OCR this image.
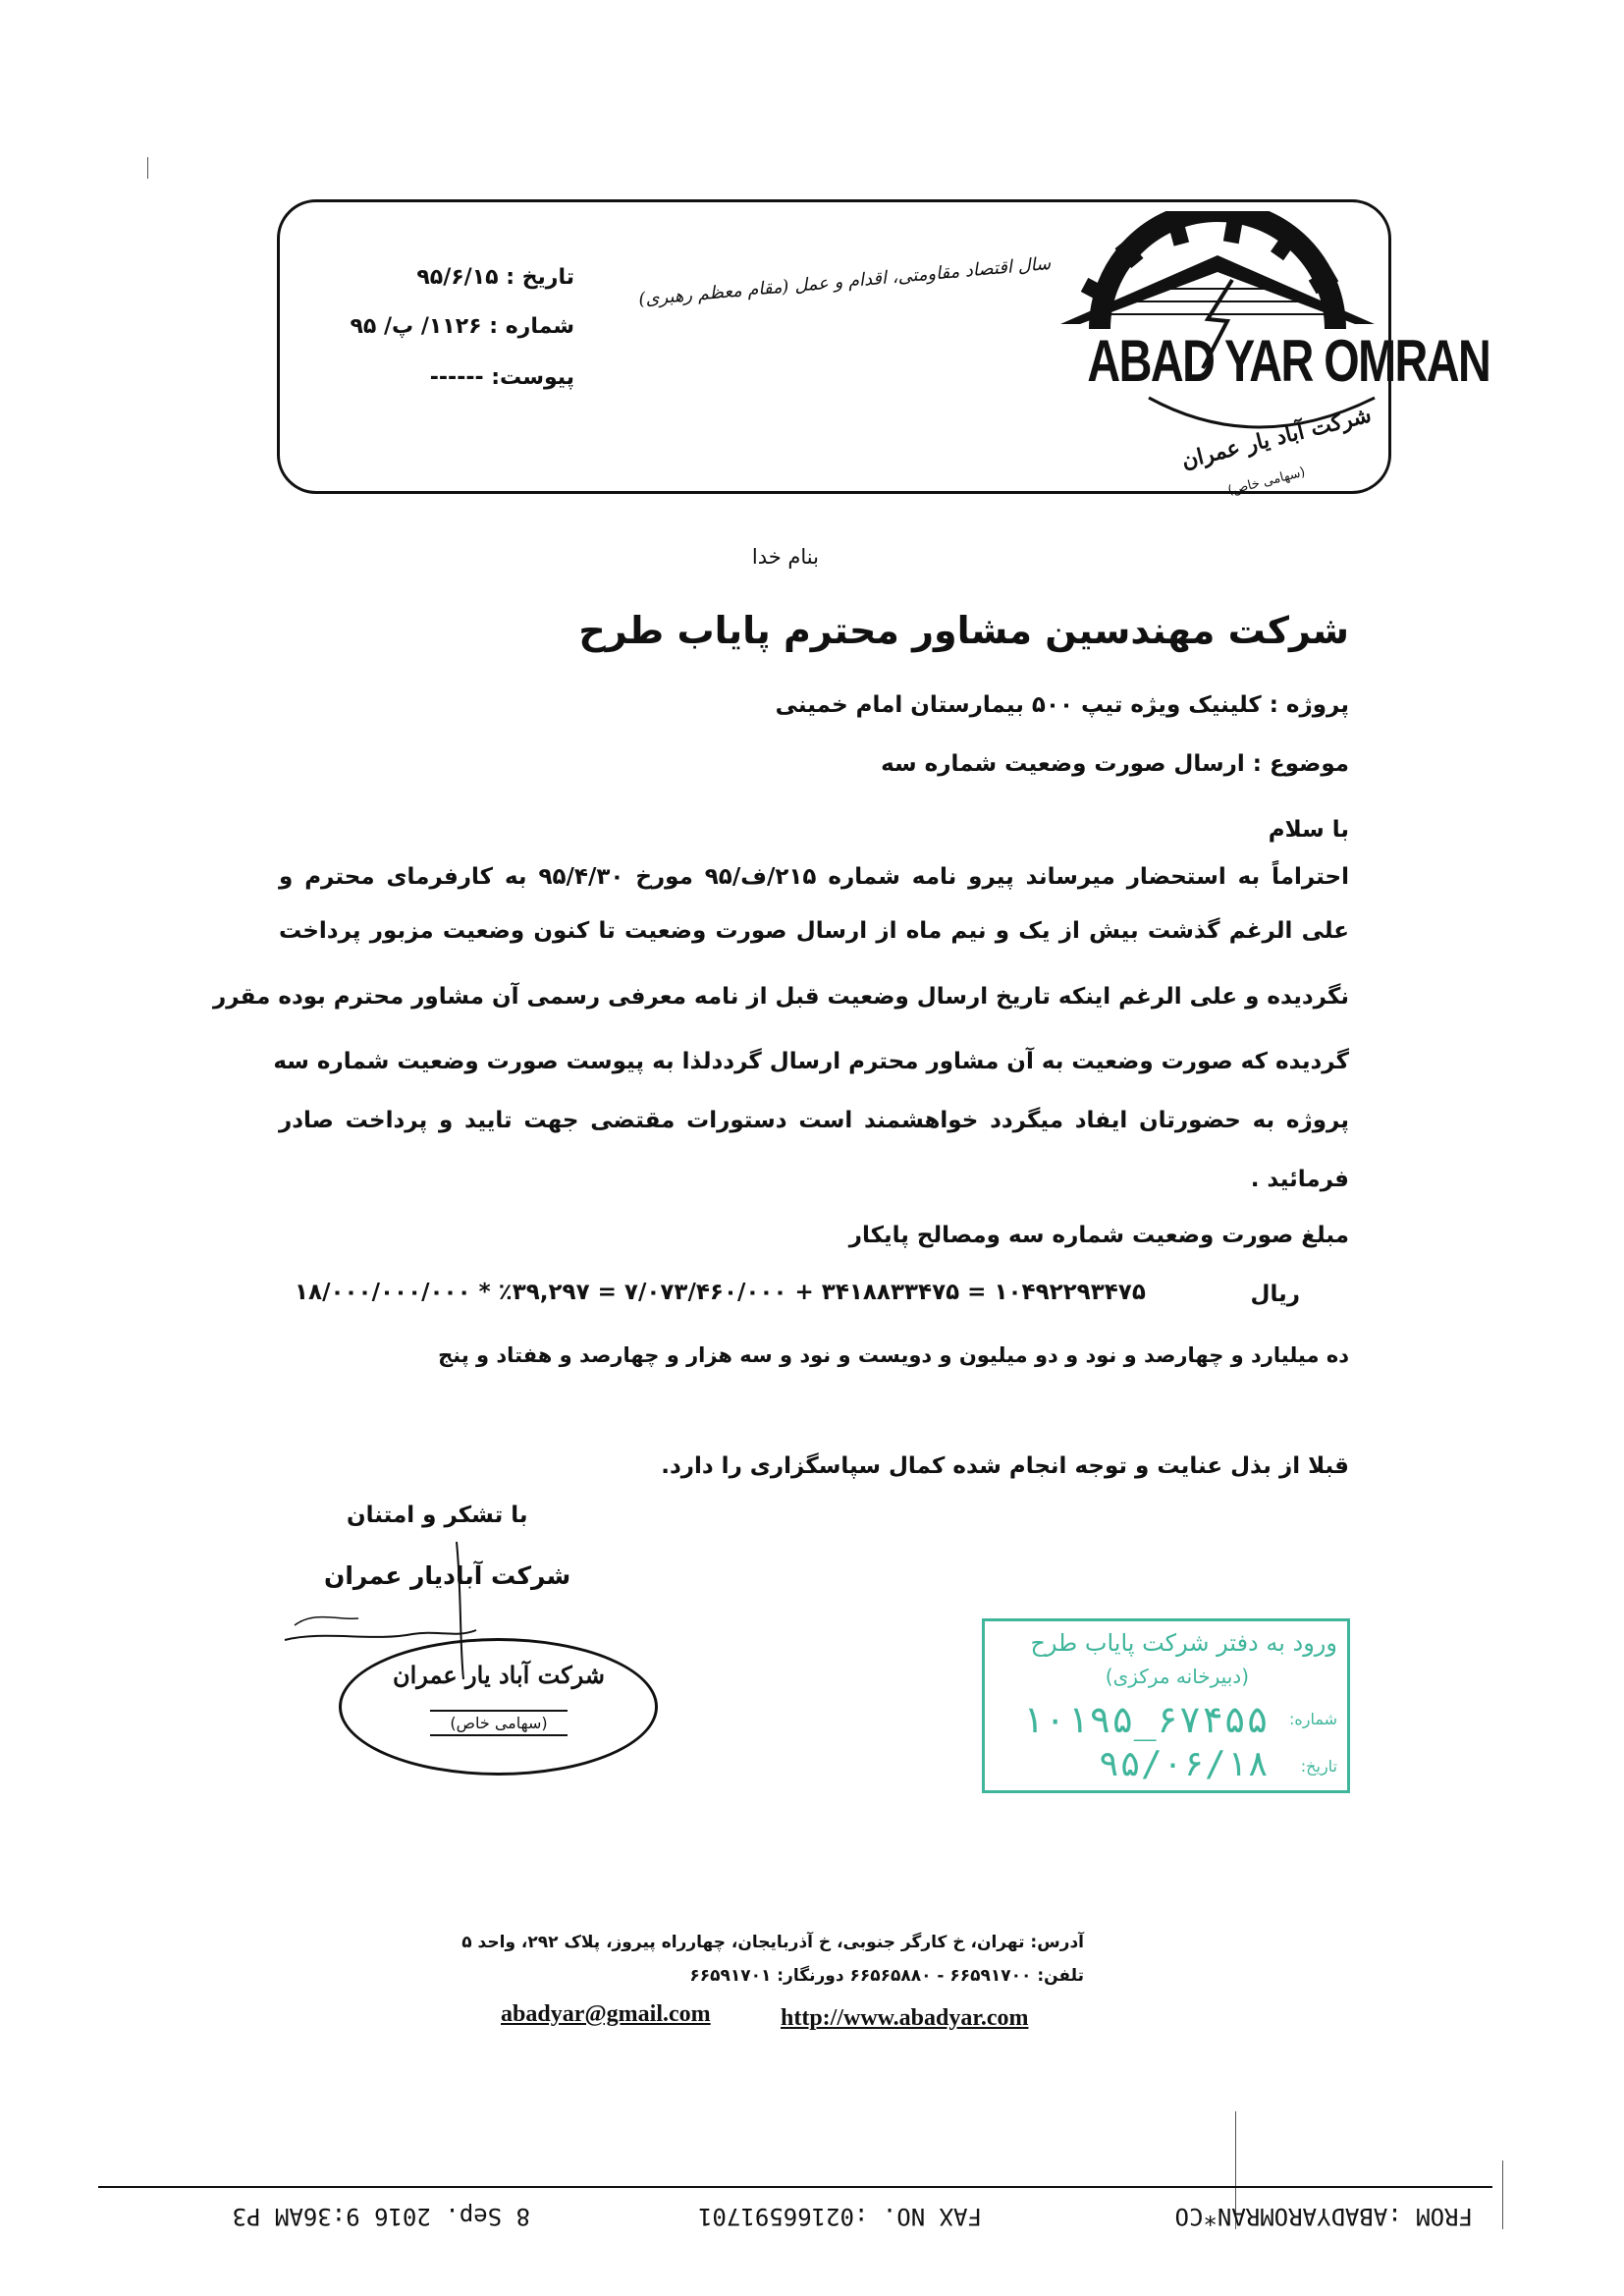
تاریخ : ۹۵/۶/۱۵
شماره : ۱۱۲۶/ پ/ ۹۵
پیوست: ------
سال اقتصاد مقاومتی، اقدام و عمل (مقام معظم رهبری)
ABAD YAR OMRAN
شرکت آباد یار عمران
(سهامی خاص)
بنام خدا
شرکت مهندسین مشاور محترم پایاب طرح
پروژه : کلینیک ویژه تیپ ۵۰۰ بیمارستان امام خمینی
موضوع : ارسال صورت وضعیت شماره سه
با سلام
احتراماً به استحضار میرساند پیرو نامه شماره ۲۱۵/ف/۹۵ مورخ ۹۵/۴/۳۰ به کارفرمای محترم و
علی الرغم گذشت بیش از یک و نیم ماه از ارسال صورت وضعیت تا کنون وضعیت مزبور پرداخت
نگردیده و علی الرغم اینکه تاریخ ارسال وضعیت قبل از نامه معرفی رسمی آن مشاور محترم بوده مقرر
گردیده که صورت وضعیت به آن مشاور محترم ارسال گرددلذا به پیوست صورت وضعیت شماره سه
پروژه به حضورتان ایفاد میگردد خواهشمند است دستورات مقتضی جهت تایید و پرداخت صادر
فرمائید .
مبلغ صورت وضعیت شماره سه ومصالح پایکار
۱۸/۰۰۰/۰۰۰/۰۰۰ * ٪۳۹,۲۹۷ = ۷/۰۷۳/۴۶۰/۰۰۰ + ۳۴۱۸۸۳۳۴۷۵ = ۱۰۴۹۲۲۹۳۴۷۵	ریال
ده میلیارد و چهارصد و نود و دو میلیون و دویست و نود و سه هزار و چهارصد و هفتاد و پنج
قبلا از بذل عنایت و توجه انجام شده کمال سپاسگزاری را دارد.
با تشکر و امتنان
شرکت آبادیار عمران
شرکت آباد یار عمران
(سهامی خاص)
ورود به دفتر شرکت پایاب طرح
(دبیرخانه مرکزی)
شماره:
۱۰۱۹۵_۶۷۴۵۵
تاریخ:
۹۵/۰۶/۱۸
آدرس: تهران، خ کارگر جنوبی، خ آذربایجان، چهارراه پیروز، پلاک ۲۹۲، واحد ۵
تلفن: ۶۶۵۹۱۷۰۰ - ۶۶۵۶۵۸۸۰ دورنگار: ۶۶۵۹۱۷۰۱
abadyar@gmail.com	http://www.abadyar.com
FROM :ABADYAROMRAN*CO
FAX NO. :02166591701
8 Sep. 2016 9:36AM P3
